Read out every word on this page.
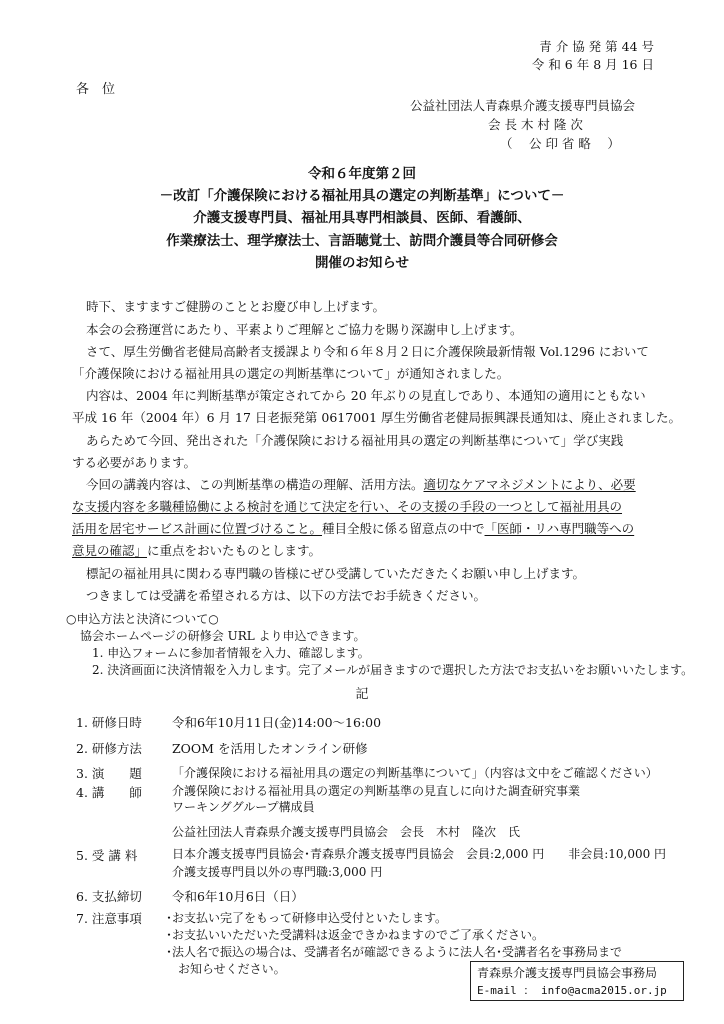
青 介 協 発 第 44 号
令 和 6 年 8 月 16 日
各　位
公益社団法人青森県介護支援専門員協会
会 長 木 村 隆 次
（　 公 印 省 略 　）
令和６年度第２回
－改訂「介護保険における福祉用具の選定の判断基準」について－
介護支援専門員、福祉用具専門相談員、医師、看護師、
作業療法士、理学療法士、言語聴覚士、訪問介護員等合同研修会
開催のお知らせ
時下、ますますご健勝のこととお慶び申し上げます。
本会の会務運営にあたり、平素よりご理解とご協力を賜り深謝申し上げます。
さて、厚生労働省老健局高齢者支援課より令和６年８月２日に介護保険最新情報 Vol.1296 において
「介護保険における福祉用具の選定の判断基準について」が通知されました。
内容は、2004 年に判断基準が策定されてから 20 年ぶりの見直しであり、本通知の適用にともない
平成 16 年（2004 年）6 月 17 日老振発第 0617001 厚生労働省老健局振興課長通知は、廃止されました。
あらためて今回、発出された「介護保険における福祉用具の選定の判断基準について」学び実践
する必要があります。
今回の講義内容は、この判断基準の構造の理解、活用方法。適切なケアマネジメントにより、必要
な支援内容を多職種協働による検討を通じて決定を行い、その支援の手段の一つとして福祉用具の
活用を居宅サービス計画に位置づけること。種目全般に係る留意点の中で「医師・リハ専門職等への
意見の確認」に重点をおいたものとします。
標記の福祉用具に関わる専門職の皆様にぜひ受講していただきたくお願い申し上げます。
つきましては受講を希望される方は、以下の方法でお手続きください。
○申込方法と決済について○
協会ホームページの研修会 URL より申込できます。
1. 申込フォームに参加者情報を入力、確認します。
2. 決済画面に決済情報を入力します。完了メールが届きますので選択した方法でお支払いをお願いいたします。
記
1. 研修日時 令和6年10月11日(金)14:00～16:00
2. 研修方法 ZOOM を活用したオンライン研修
3. 演　　題	「介護保険における福祉用具の選定の判断基準について」（内容は文中をご確認ください）
4. 講　　師	介護保険における福祉用具の選定の判断基準の見直しに向けた調査研究事業
ワーキンググループ構成員
公益社団法人青森県介護支援専門員協会　会長　木村　隆次　氏
5. 受 講 料	日本介護支援専門員協会･青森県介護支援専門員協会　会員:2,000 円　　非会員:10,000 円
介護支援専門員以外の専門職:3,000 円
6. 支払締切 令和6年10月6日（日）
7. 注意事項 ･お支払い完了をもって研修申込受付といたします。
･お支払いいただいた受講料は返金できかねますのでご了承ください。
･法人名で振込の場合は、受講者名が確認できるように法人名･受講者名を事務局まで
　お知らせください。	青森県介護支援専門員協会事務局
E-mail ： info@acma2015.or.jp
